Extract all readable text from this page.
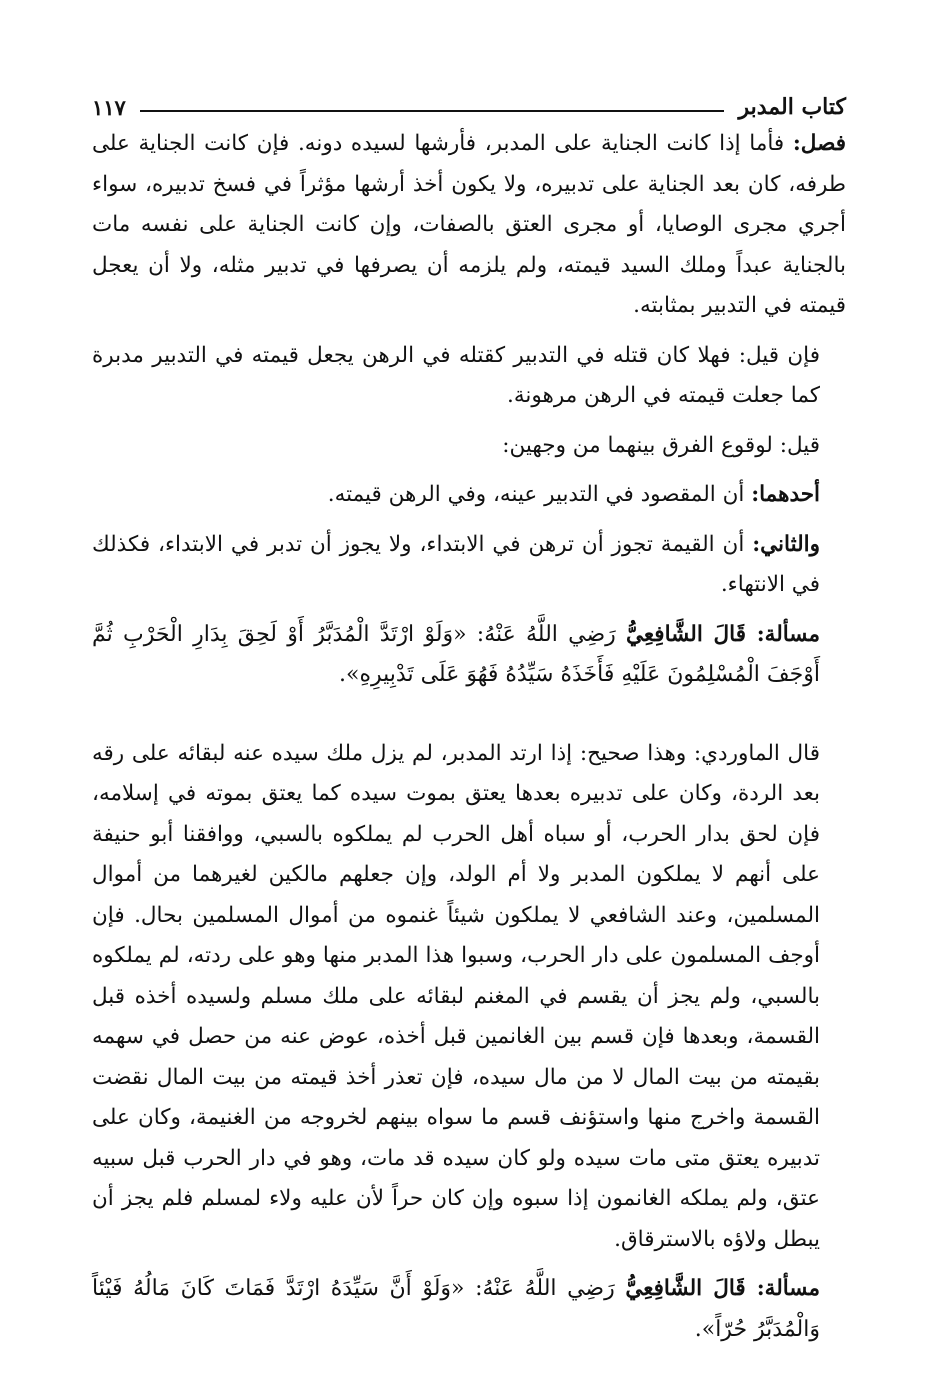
كتاب المدبر
١١٧

فصل: فأما إذا كانت الجناية على المدبر، فأرشها لسيده دونه. فإن كانت الجناية على طرفه، كان بعد الجناية على تدبيره، ولا يكون أخذ أرشها مؤثراً في فسخ تدبيره، سواء أجري مجرى الوصايا، أو مجرى العتق بالصفات، وإن كانت الجناية على نفسه مات بالجناية عبداً وملك السيد قيمته، ولم يلزمه أن يصرفها في تدبير مثله، ولا أن يعجل قيمته في التدبير بمثابته.

فإن قيل: فهلا كان قتله في التدبير كقتله في الرهن يجعل قيمته في التدبير مدبرة كما جعلت قيمته في الرهن مرهونة.

قيل: لوقوع الفرق بينهما من وجهين:

أحدهما: أن المقصود في التدبير عينه، وفي الرهن قيمته.

والثاني: أن القيمة تجوز أن ترهن في الابتداء، ولا يجوز أن تدبر في الابتداء، فكذلك في الانتهاء.

مسألة: قَالَ الشَّافِعِيُّ رَضِي اللَّهُ عَنْهُ: «وَلَوْ ارْتَدَّ الْمُدَبَّرُ أَوْ لَحِقَ بِدَارِ الْحَرْبِ ثُمَّ أَوْجَفَ الْمُسْلِمُونَ عَلَيْهِ فَأَخَذَهُ سَيِّدُهُ فَهُوَ عَلَى تَدْبِيرِهِ».

قال الماوردي: وهذا صحيح: إذا ارتد المدبر، لم يزل ملك سيده عنه لبقائه على رقه بعد الردة، وكان على تدبيره بعدها يعتق بموت سيده كما يعتق بموته في إسلامه، فإن لحق بدار الحرب، أو سباه أهل الحرب لم يملكوه بالسبي، ووافقنا أبو حنيفة على أنهم لا يملكون المدبر ولا أم الولد، وإن جعلهم مالكين لغيرهما من أموال المسلمين، وعند الشافعي لا يملكون شيئاً غنموه من أموال المسلمين بحال. فإن أوجف المسلمون على دار الحرب، وسبوا هذا المدبر منها وهو على ردته، لم يملكوه بالسبي، ولم يجز أن يقسم في المغنم لبقائه على ملك مسلم ولسيده أخذه قبل القسمة، وبعدها فإن قسم بين الغانمين قبل أخذه، عوض عنه من حصل في سهمه بقيمته من بيت المال لا من مال سيده، فإن تعذر أخذ قيمته من بيت المال نقضت القسمة واخرج منها واستؤنف قسم ما سواه بينهم لخروجه من الغنيمة، وكان على تدبيره يعتق متى مات سيده ولو كان سيده قد مات، وهو في دار الحرب قبل سبيه عتق، ولم يملكه الغانمون إذا سبوه وإن كان حراً لأن عليه ولاء لمسلم فلم يجز أن يبطل ولاؤه بالاسترقاق.

مسألة: قَالَ الشَّافِعِيُّ رَضِي اللَّهُ عَنْهُ: «وَلَوْ أَنَّ سَيِّدَهُ ارْتَدَّ فَمَاتَ كَانَ مَالُهُ فَيْئاً وَالْمُدَبَّرُ حُرّاً».
